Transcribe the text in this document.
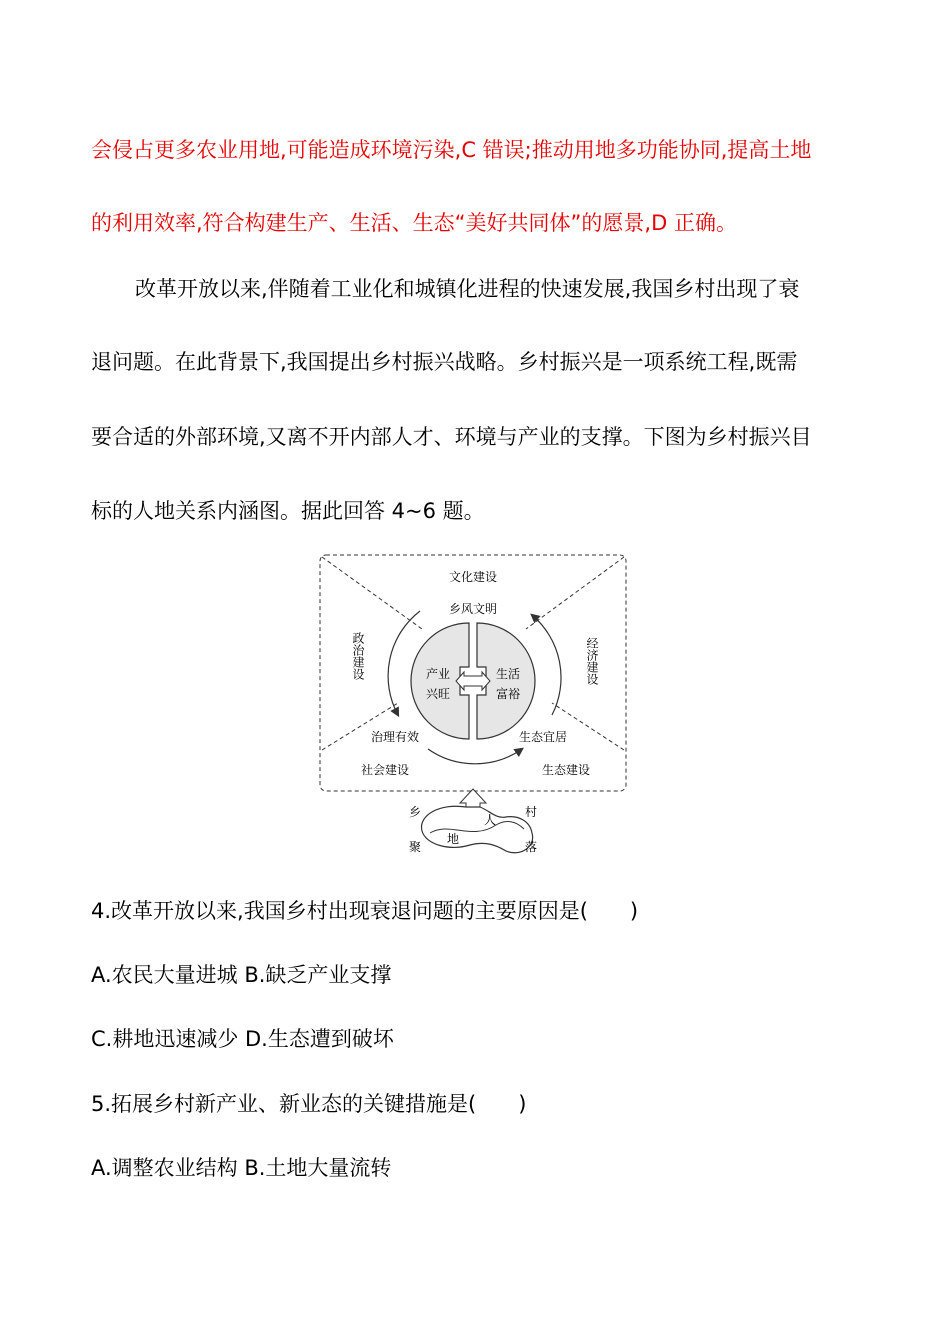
会侵占更多农业用地,可能造成环境污染,C 错误;推动用地多功能协同,提高土地
的利用效率,符合构建生产、生活、生态“美好共同体”的愿景,D 正确。
改革开放以来,伴随着工业化和城镇化进程的快速发展,我国乡村出现了衰
退问题。在此背景下,我国提出乡村振兴战略。乡村振兴是一项系统工程,既需
要合适的外部环境,又离不开内部人才、环境与产业的支撑。下图为乡村振兴目
标的人地关系内涵图。据此回答 4~6 题。
文化建设
乡风文明
产业
兴旺
生活
富裕
治理有效	生态宜居
社会建设	生态建设
政治建设	经济建设
人
地
乡	村
聚	落
4.改革开放以来,我国乡村出现衰退问题的主要原因是(　　)
A.农民大量进城 B.缺乏产业支撑
C.耕地迅速减少 D.生态遭到破坏
5.拓展乡村新产业、新业态的关键措施是(　　)
A.调整农业结构 B.土地大量流转
